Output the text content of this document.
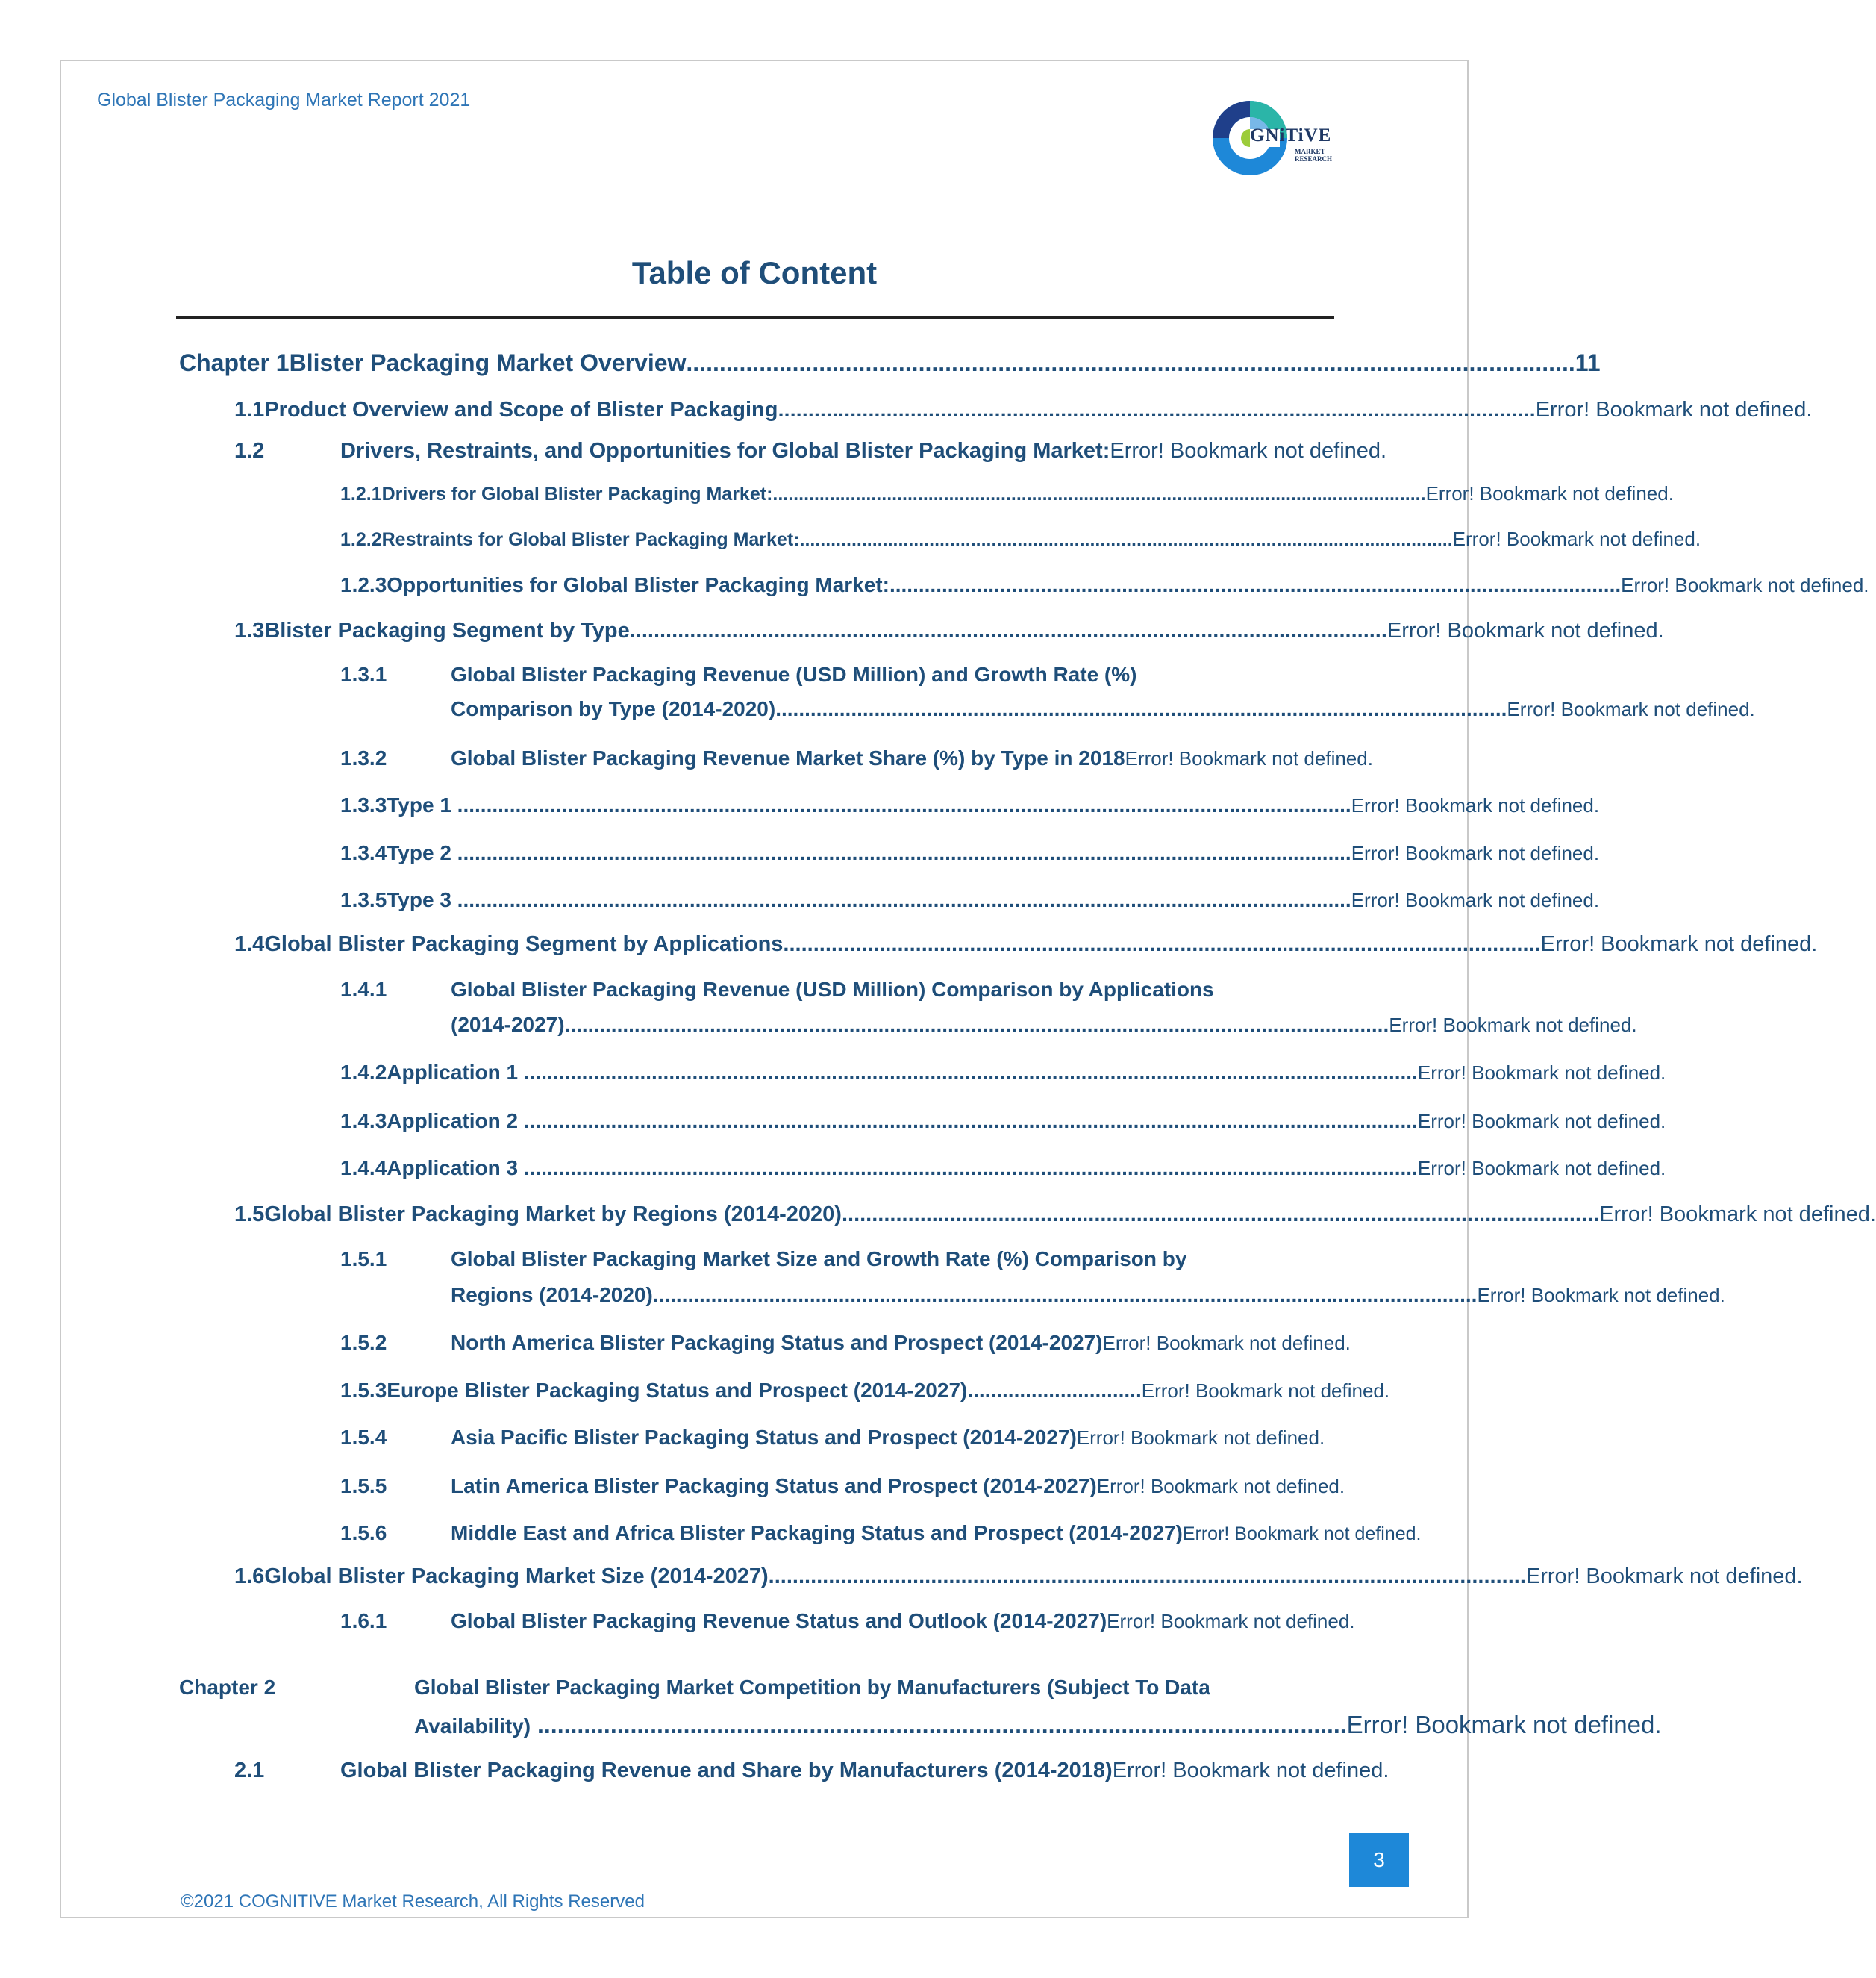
Global Blister Packaging Market Report 2021
GNiTiVE
MARKET
RESEARCH
Table of Content
Chapter 1 Blister Packaging Market Overview ...................................................................................................................................... 11
1.1 Product Overview and Scope of Blister Packaging .............................................................................................................................. Error! Bookmark not defined.
1.2	Drivers, Restraints, and Opportunities for Global Blister Packaging Market: Error! Bookmark not defined.
1.2.1 Drivers for Global Blister Packaging Market: .............................................................................................................................. Error! Bookmark not defined.
1.2.2 Restraints for Global Blister Packaging Market: .............................................................................................................................. Error! Bookmark not defined.
1.2.3 Opportunities for Global Blister Packaging Market: .............................................................................................................................. Error! Bookmark not defined.
1.3 Blister Packaging Segment by Type .............................................................................................................................. Error! Bookmark not defined.
1.3.1	Global Blister Packaging Revenue (USD Million) and Growth Rate (%)
Comparison by Type (2014-2020) .............................................................................................................................. Error! Bookmark not defined.
1.3.2	Global Blister Packaging Revenue Market Share (%) by Type in 2018 Error! Bookmark not defined.
1.3.3 Type 1 .......................................................................................................................................................... Error! Bookmark not defined.
1.3.4 Type 2 .......................................................................................................................................................... Error! Bookmark not defined.
1.3.5 Type 3 .......................................................................................................................................................... Error! Bookmark not defined.
1.4 Global Blister Packaging Segment by Applications .............................................................................................................................. Error! Bookmark not defined.
1.4.1	Global Blister Packaging Revenue (USD Million) Comparison by Applications
(2014-2027) .............................................................................................................................................. Error! Bookmark not defined.
1.4.2 Application 1 .......................................................................................................................................................... Error! Bookmark not defined.
1.4.3 Application 2 .......................................................................................................................................................... Error! Bookmark not defined.
1.4.4 Application 3 .......................................................................................................................................................... Error! Bookmark not defined.
1.5 Global Blister Packaging Market by Regions (2014-2020) .............................................................................................................................. Error! Bookmark not defined.
1.5.1	Global Blister Packaging Market Size and Growth Rate (%) Comparison by
Regions (2014-2020) .............................................................................................................................................. Error! Bookmark not defined.
1.5.2	North America Blister Packaging Status and Prospect (2014-2027) Error! Bookmark not defined.
1.5.3 Europe Blister Packaging Status and Prospect (2014-2027) .............................. Error! Bookmark not defined.
1.5.4	Asia Pacific Blister Packaging Status and Prospect (2014-2027) Error! Bookmark not defined.
1.5.5	Latin America Blister Packaging Status and Prospect (2014-2027) Error! Bookmark not defined.
1.5.6	Middle East and Africa Blister Packaging Status and Prospect (2014-2027) Error! Bookmark not defined.
1.6 Global Blister Packaging Market Size (2014-2027) .............................................................................................................................. Error! Bookmark not defined.
1.6.1	Global Blister Packaging Revenue Status and Outlook (2014-2027) Error! Bookmark not defined.
Chapter 2	Global Blister Packaging Market Competition by Manufacturers (Subject To Data
Availability) .......................................................................................................................... Error! Bookmark not defined.
2.1	Global Blister Packaging Revenue and Share by Manufacturers (2014-2018) Error! Bookmark not defined.
3
©2021 COGNITIVE Market Research, All Rights Reserved
